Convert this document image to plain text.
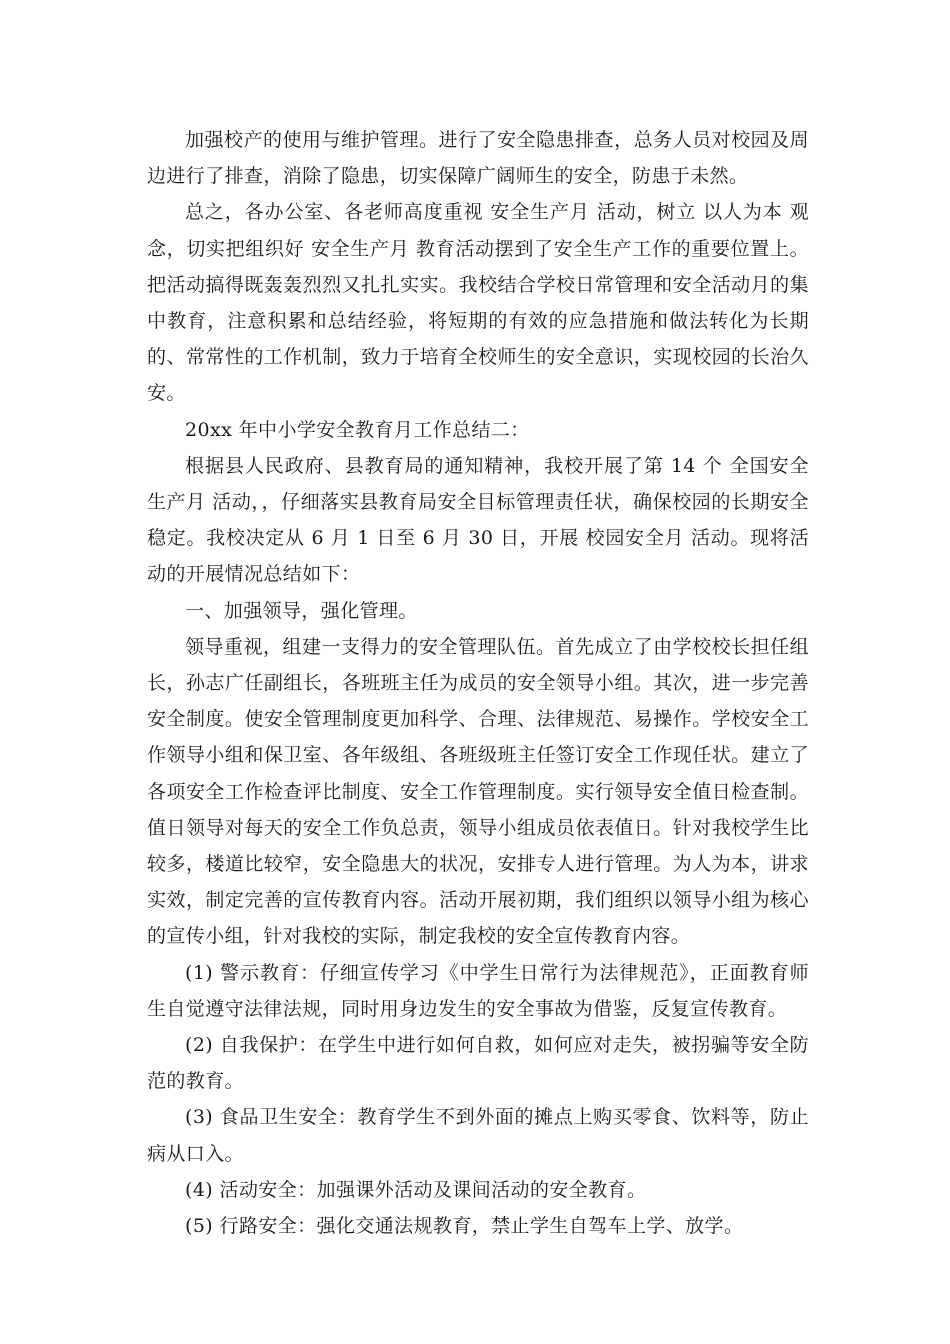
加强校产的使用与维护管理。进行了安全隐患排查，总务人员对校园及周边进行了排查，消除了隐患，切实保障广阔师生的安全，防患于未然。

总之，各办公室、各老师高度重视 安全生产月 活动，树立 以人为本 观念，切实把组织好 安全生产月 教育活动摆到了安全生产工作的重要位置上。把活动搞得既轰轰烈烈又扎扎实实。我校结合学校日常管理和安全活动月的集中教育，注意积累和总结经验，将短期的有效的应急措施和做法转化为长期的、常常性的工作机制，致力于培育全校师生的安全意识，实现校园的长治久安。

20xx 年中小学安全教育月工作总结二：

根据县人民政府、县教育局的通知精神，我校开展了第 14 个 全国安全生产月 活动，，仔细落实县教育局安全目标管理责任状，确保校园的长期安全稳定。我校决定从 6 月 1 日至 6 月 30 日，开展 校园安全月 活动。现将活动的开展情况总结如下：

一、加强领导，强化管理。

领导重视，组建一支得力的安全管理队伍。首先成立了由学校校长担任组长，孙志广任副组长，各班班主任为成员的安全领导小组。其次，进一步完善安全制度。使安全管理制度更加科学、合理、法律规范、易操作。学校安全工作领导小组和保卫室、各年级组、各班级班主任签订安全工作现任状。建立了各项安全工作检查评比制度、安全工作管理制度。实行领导安全值日检查制。值日领导对每天的安全工作负总责，领导小组成员依表值日。针对我校学生比较多，楼道比较窄，安全隐患大的状况，安排专人进行管理。为人为本，讲求实效，制定完善的宣传教育内容。活动开展初期，我们组织以领导小组为核心的宣传小组，针对我校的实际，制定我校的安全宣传教育内容。

(1) 警示教育：仔细宣传学习《中学生日常行为法律规范》，正面教育师生自觉遵守法律法规，同时用身边发生的安全事故为借鉴，反复宣传教育。

(2) 自我保护：在学生中进行如何自救，如何应对走失，被拐骗等安全防范的教育。

(3) 食品卫生安全：教育学生不到外面的摊点上购买零食、饮料等，防止病从口入。

(4) 活动安全：加强课外活动及课间活动的安全教育。

(5) 行路安全：强化交通法规教育，禁止学生自驾车上学、放学。
